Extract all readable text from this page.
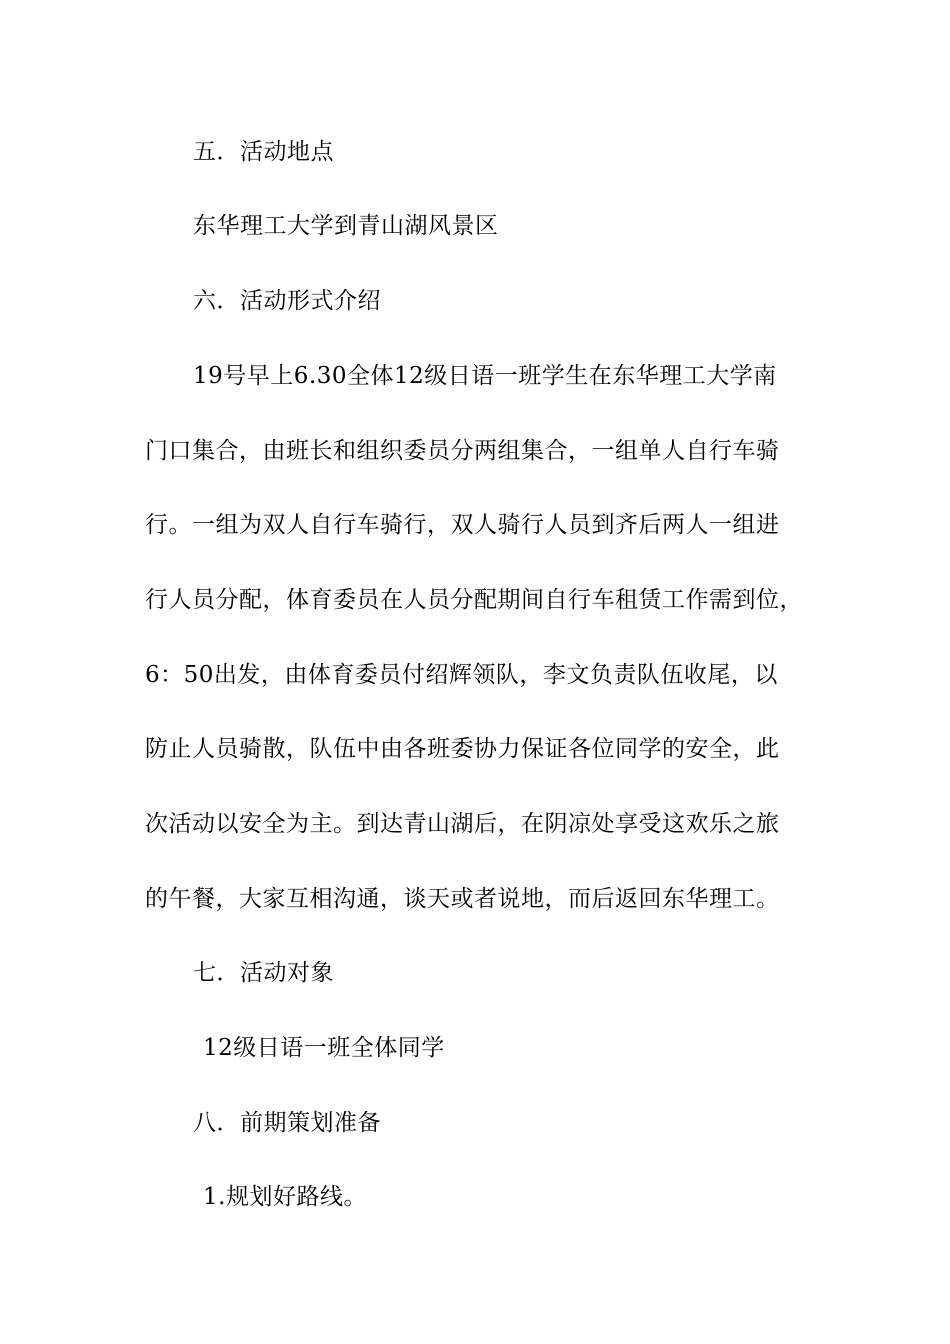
五．活动地点
东华理工大学到青山湖风景区
六．活动形式介绍
19号早上6.30全体12级日语一班学生在东华理工大学南
门口集合，由班长和组织委员分两组集合，一组单人自行车骑
行。一组为双人自行车骑行，双人骑行人员到齐后两人一组进
行人员分配，体育委员在人员分配期间自行车租赁工作需到位，
6：50出发，由体育委员付绍辉领队，李文负责队伍收尾，以
防止人员骑散，队伍中由各班委协力保证各位同学的安全，此
次活动以安全为主。到达青山湖后，在阴凉处享受这欢乐之旅
的午餐，大家互相沟通，谈天或者说地，而后返回东华理工。
七．活动对象
12级日语一班全体同学
八．前期策划准备
1.规划好路线。
